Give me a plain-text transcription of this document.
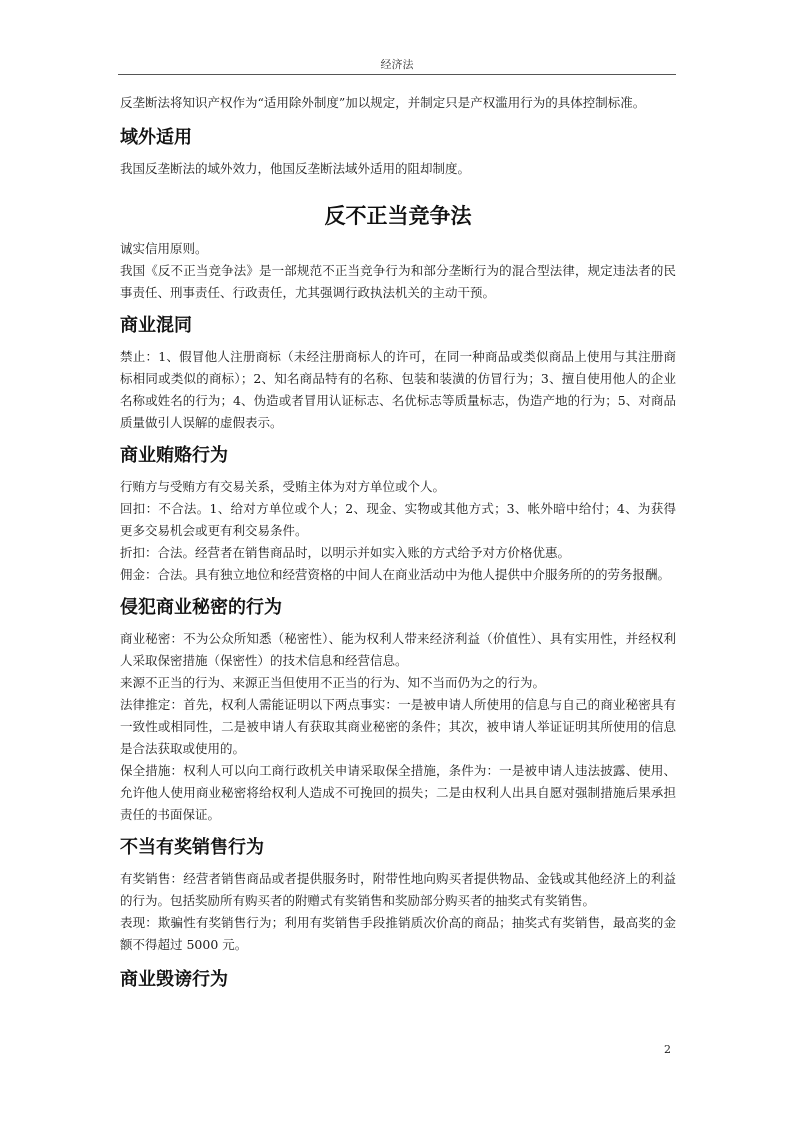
经济法

反垄断法将知识产权作为“适用除外制度”加以规定，并制定只是产权滥用行为的具体控制标准。

域外适用

我国反垄断法的域外效力，他国反垄断法域外适用的阻却制度。

反不正当竞争法

诚实信用原则。

我国《反不正当竞争法》是一部规范不正当竞争行为和部分垄断行为的混合型法律，规定违法者的民事责任、刑事责任、行政责任，尤其强调行政执法机关的主动干预。

商业混同

禁止：1、假冒他人注册商标（未经注册商标人的许可，在同一种商品或类似商品上使用与其注册商标相同或类似的商标）；2、知名商品特有的名称、包装和装潢的仿冒行为；3、擅自使用他人的企业名称或姓名的行为；4、伪造或者冒用认证标志、名优标志等质量标志，伪造产地的行为；5、对商品质量做引人误解的虚假表示。

商业贿赂行为

行贿方与受贿方有交易关系，受贿主体为对方单位或个人。

回扣：不合法。1、给对方单位或个人；2、现金、实物或其他方式；3、帐外暗中给付；4、为获得更多交易机会或更有利交易条件。

折扣：合法。经营者在销售商品时，以明示并如实入账的方式给予对方价格优惠。

佣金：合法。具有独立地位和经营资格的中间人在商业活动中为他人提供中介服务所的的劳务报酬。

侵犯商业秘密的行为

商业秘密：不为公众所知悉（秘密性）、能为权利人带来经济利益（价值性）、具有实用性，并经权利人采取保密措施（保密性）的技术信息和经营信息。

来源不正当的行为、来源正当但使用不正当的行为、知不当而仍为之的行为。

法律推定：首先，权利人需能证明以下两点事实：一是被申请人所使用的信息与自己的商业秘密具有一致性或相同性，二是被申请人有获取其商业秘密的条件；其次，被申请人举证证明其所使用的信息是合法获取或使用的。

保全措施：权利人可以向工商行政机关申请采取保全措施，条件为：一是被申请人违法披露、使用、允许他人使用商业秘密将给权利人造成不可挽回的损失；二是由权利人出具自愿对强制措施后果承担责任的书面保证。

不当有奖销售行为

有奖销售：经营者销售商品或者提供服务时，附带性地向购买者提供物品、金钱或其他经济上的利益的行为。包括奖励所有购买者的附赠式有奖销售和奖励部分购买者的抽奖式有奖销售。

表现：欺骗性有奖销售行为；利用有奖销售手段推销质次价高的商品；抽奖式有奖销售，最高奖的金额不得超过 5000 元。

商业毁谤行为
2
